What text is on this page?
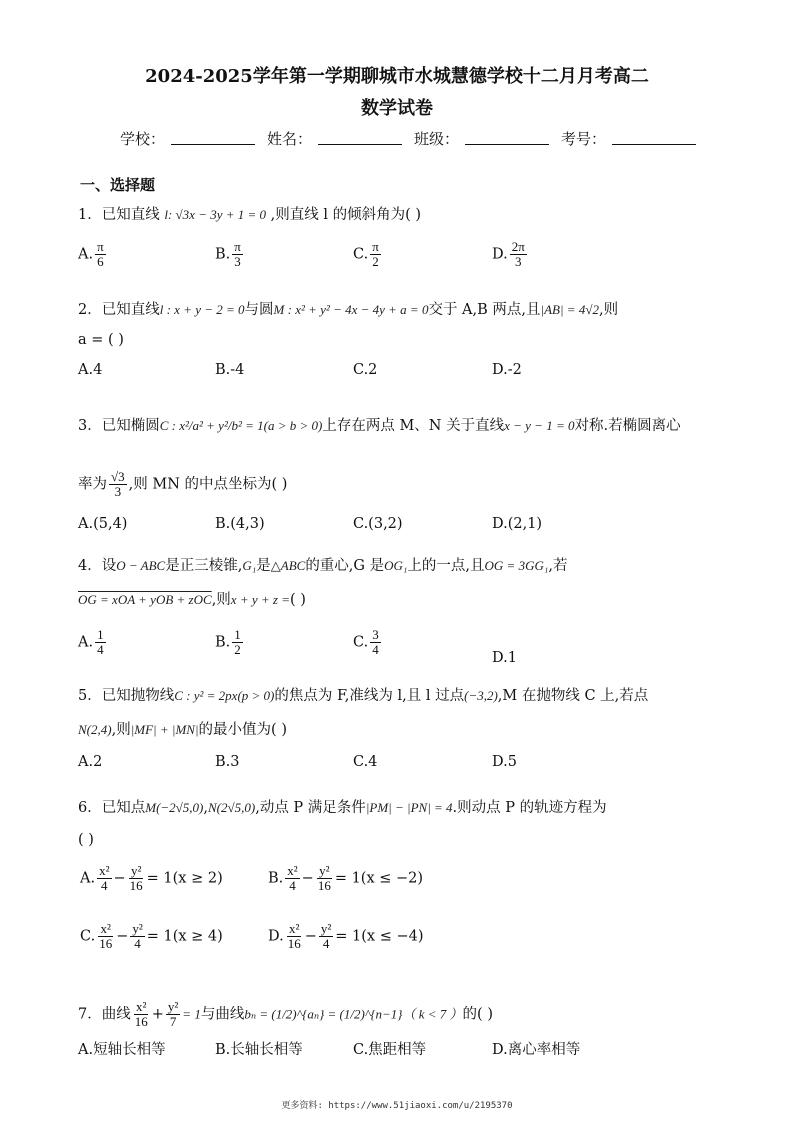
2024-2025学年第一学期聊城市水城慧德学校十二月月考高二
数学试卷
学校：	姓名：	班级：	考号：
一、选择题
1．已知直线 l: √3x − 3y + 1 = 0 ,则直线 l 的倾斜角为( )
A. $\frac{\pi}{6}$	B. $\frac{\pi}{3}$	C. $\frac{\pi}{2}$	D. $\frac{2\pi}{3}$
2．已知直线l : x + y − 2 = 0与圆M : x² + y² − 4x − 4y + a = 0交于 A,B 两点,且|AB| = 4√2,则
a = ( )
A.4	B.-4	C.2	D.-2
3．已知椭圆C : x²/a² + y²/b² = 1(a > b > 0)上存在两点 M、N 关于直线x − y − 1 = 0对称.若椭圆离心
率为 $\frac{√3}{3}$ ,则 MN 的中点坐标为( )
A.(5,4)	B.(4,3)	C.(3,2)	D.(2,1)
4．设O − ABC是正三棱锥,G₁是△ABC的重心,G 是OG₁上的一点,且OG = 3GG₁,若
OG = xOA + yOB + zOC,则x + y + z =( )
A. $\frac{1}{4}$	B. $\frac{1}{2}$	C. $\frac{3}{4}$
D.1
5．已知抛物线C : y² = 2px(p > 0)的焦点为 F,准线为 l,且 l 过点(−3,2),M 在抛物线 C 上,若点
N(2,4),则|MF| + |MN|的最小值为( )
A.2	B.3	C.4	D.5
6．已知点M(−2√5,0),N(2√5,0),动点 P 满足条件|PM| − |PN| = 4.则动点 P 的轨迹方程为
( )
A. $\frac{\text{x²}}{4} - \frac{\text{y²}}{16} = 1(x \ge 2)$	B. $\frac{\text{x²}}{4} - \frac{\text{y²}}{16} = 1(x \le -2)$
C. $\frac{\text{x²}}{16} - \frac{\text{y²}}{4} = 1(x \ge 4)$	D. $\frac{\text{x²}}{16} - \frac{\text{y²}}{4} = 1(x \le -4)$
7．曲线 $\frac{\text{x²}}{16} + \frac{\text{y²}}{7} = 1$与曲线bₙ = (1/2)^{aₙ} = (1/2)^{n−1}（ k < 7 ）的( )
A.短轴长相等	B.长轴长相等	C.焦距相等	D.离心率相等
更多资料: https://www.51jiaoxi.com/u/2195370
